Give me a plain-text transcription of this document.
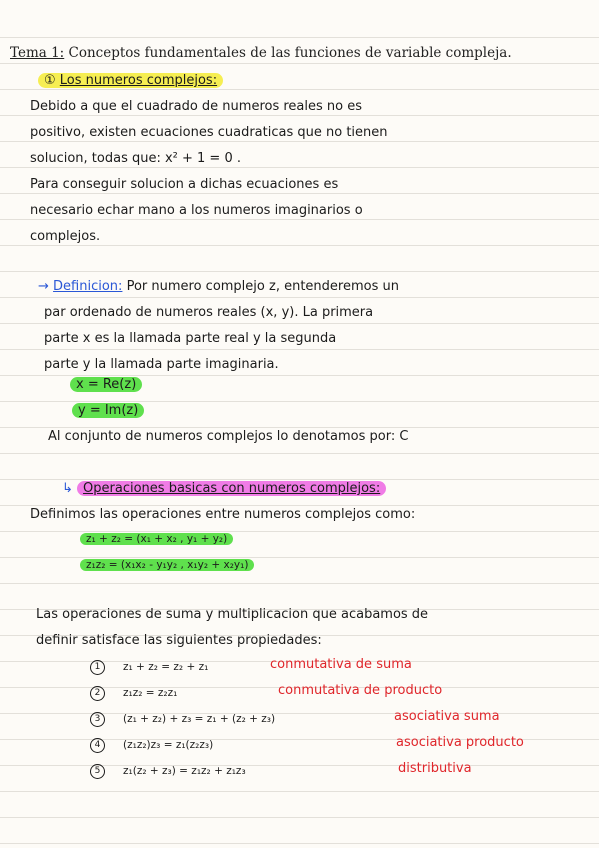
Tema 1: Conceptos fundamentales de las funciones de variable compleja.
① Los numeros complejos:
Debido a que el cuadrado de numeros reales no es
positivo, existen ecuaciones cuadraticas que no tienen
solucion, todas que: x² + 1 = 0 .
Para conseguir solucion a dichas ecuaciones es
necesario echar mano a los numeros imaginarios o
complejos.
→ Definicion: Por numero complejo z, entenderemos un
par ordenado de numeros reales (x, y). La primera
parte x es la llamada parte real y la segunda
parte y la llamada parte imaginaria.
x = Re(z)
y = Im(z)
Al conjunto de numeros complejos lo denotamos por: C
↳ Operaciones basicas con numeros complejos:
Definimos las operaciones entre numeros complejos como:
z₁ + z₂ = (x₁ + x₂ , y₁ + y₂)
z₁z₂ = (x₁x₂ - y₁y₂ , x₁y₂ + x₂y₁)
Las operaciones de suma y multiplicacion que acabamos de
definir satisface las siguientes propiedades:
1 z₁ + z₂ = z₂ + z₁	conmutativa de suma
2 z₁z₂ = z₂z₁	conmutativa de producto
3 (z₁ + z₂) + z₃ = z₁ + (z₂ + z₃)	asociativa suma
4 (z₁z₂)z₃ = z₁(z₂z₃)	asociativa producto
5 z₁(z₂ + z₃) = z₁z₂ + z₁z₃	distributiva
